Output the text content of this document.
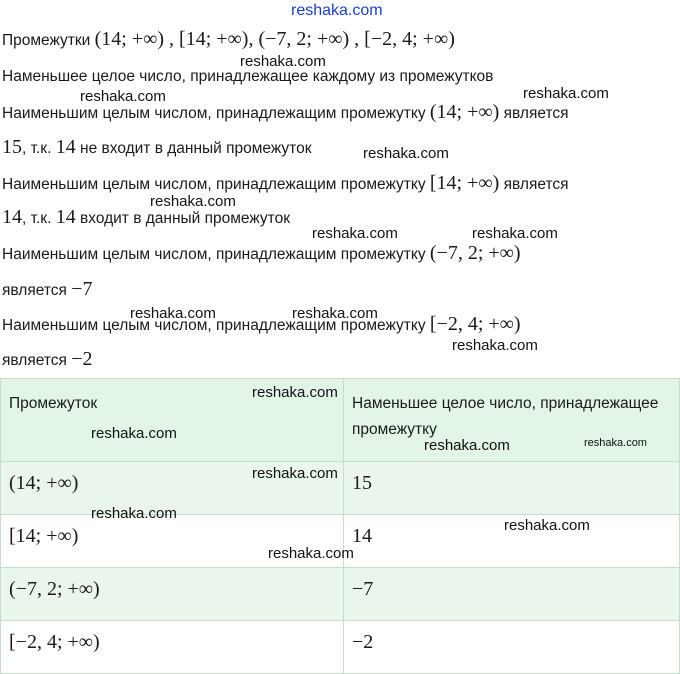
reshaka.com
Промежутки (14; +∞) , [14; +∞), (−7, 2; +∞) , [−2, 4; +∞)
Наменьшее целое число, принадлежащее каждому из промежутков
Наименьшим целым числом, принадлежащим промежутку (14; +∞) является
15, т.к. 14 не входит в данный промежуток
Наименьшим целым числом, принадлежащим промежутку [14; +∞) является
14, т.к. 14 входит в данный промежуток
Наименьшим целым числом, принадлежащим промежутку (−7, 2; +∞)
является −7
Наименьшим целым числом, принадлежащим промежутку [−2, 4; +∞)
является −2
Промежуток	Наменьшее целое число, принадлежащее промежутку
(14; +∞)	15
[14; +∞)	14
(−7, 2; +∞)	−7
[−2, 4; +∞)	−2
reshaka.com
reshaka.com
reshaka.com
reshaka.com
reshaka.com
reshaka.com	reshaka.com
reshaka.com	reshaka.com
reshaka.com
reshaka.com
reshaka.com
reshaka.com	reshaka.com
reshaka.com
reshaka.com
reshaka.com
reshaka.com
